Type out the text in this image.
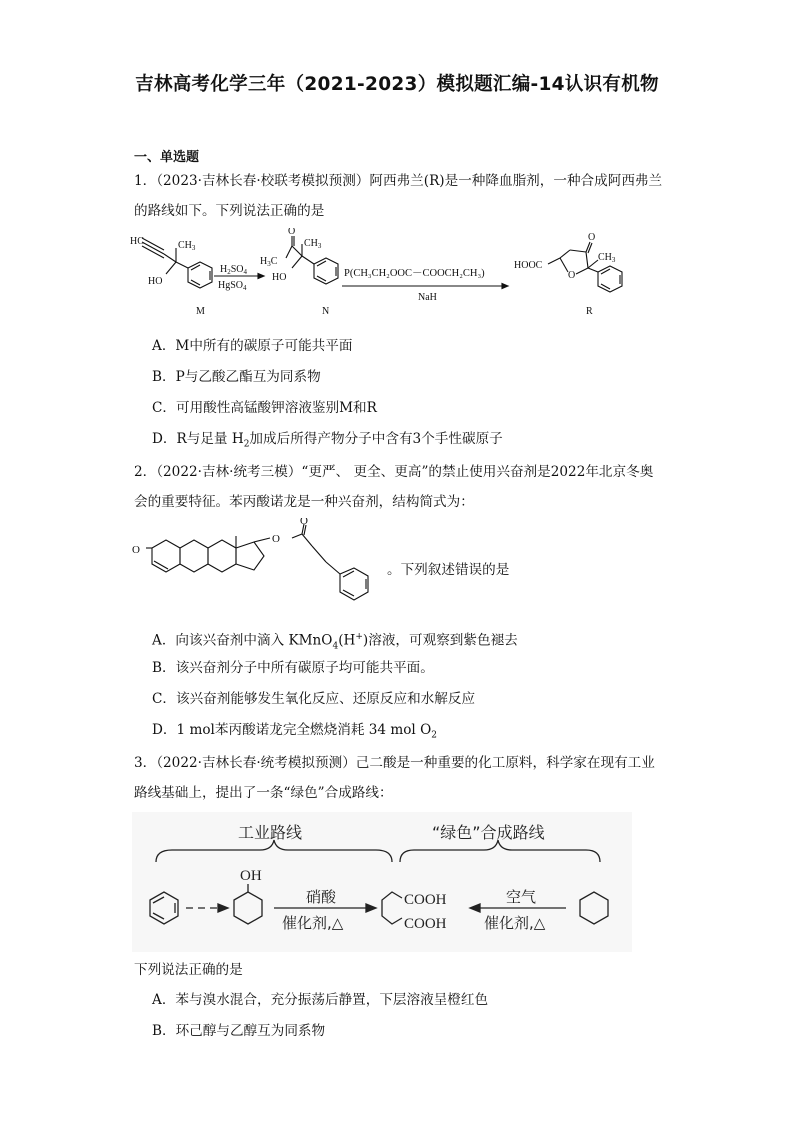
吉林高考化学三年（2021-2023）模拟题汇编-14认识有机物
一、单选题
1．（2023·吉林长春·校联考模拟预测）阿西弗兰(R)是一种降血脂剂，一种合成阿西弗兰
的路线如下。下列说法正确的是
HC	$CH_3$
HO
M
$H_2SO_4$
HgSO$_4$
O
$H_3C$
$CH_3$
HO
N
P(CH₃CH₂OOC－COOCH₂CH₃)
NaH
HOOC
O
O
$CH_3$
R
A．M中所有的碳原子可能共平面
B．P与乙酸乙酯互为同系物
C．可用酸性高锰酸钾溶液鉴别M和R
D．R与足量 $H_2$加成后所得产物分子中含有3个手性碳原子
2．（2022·吉林·统考三模）“更严、 更全、更高”的禁止使用兴奋剂是2022年北京冬奥
会的重要特征。苯丙酸诺龙是一种兴奋剂，结构简式为：
O
O
O
。下列叙述错误的是
A．向该兴奋剂中滴入 KMnO$_4$(H+)溶液，可观察到紫色褪去
B．该兴奋剂分子中所有碳原子均可能共平面。
C．该兴奋剂能够发生氧化反应、还原反应和水解反应
D．1 mol苯丙酸诺龙完全燃烧消耗 34 mol $O_2$
3．（2022·吉林长春·统考模拟预测）己二酸是一种重要的化工原料，科学家在现有工业
路线基础上，提出了一条“绿色”合成路线：
工业路线	“绿色”合成路线
OH
硝酸
催化剂,△
COOH
COOH
空气
催化剂,△
下列说法正确的是
A．苯与溴水混合，充分振荡后静置，下层溶液呈橙红色
B．环己醇与乙醇互为同系物
